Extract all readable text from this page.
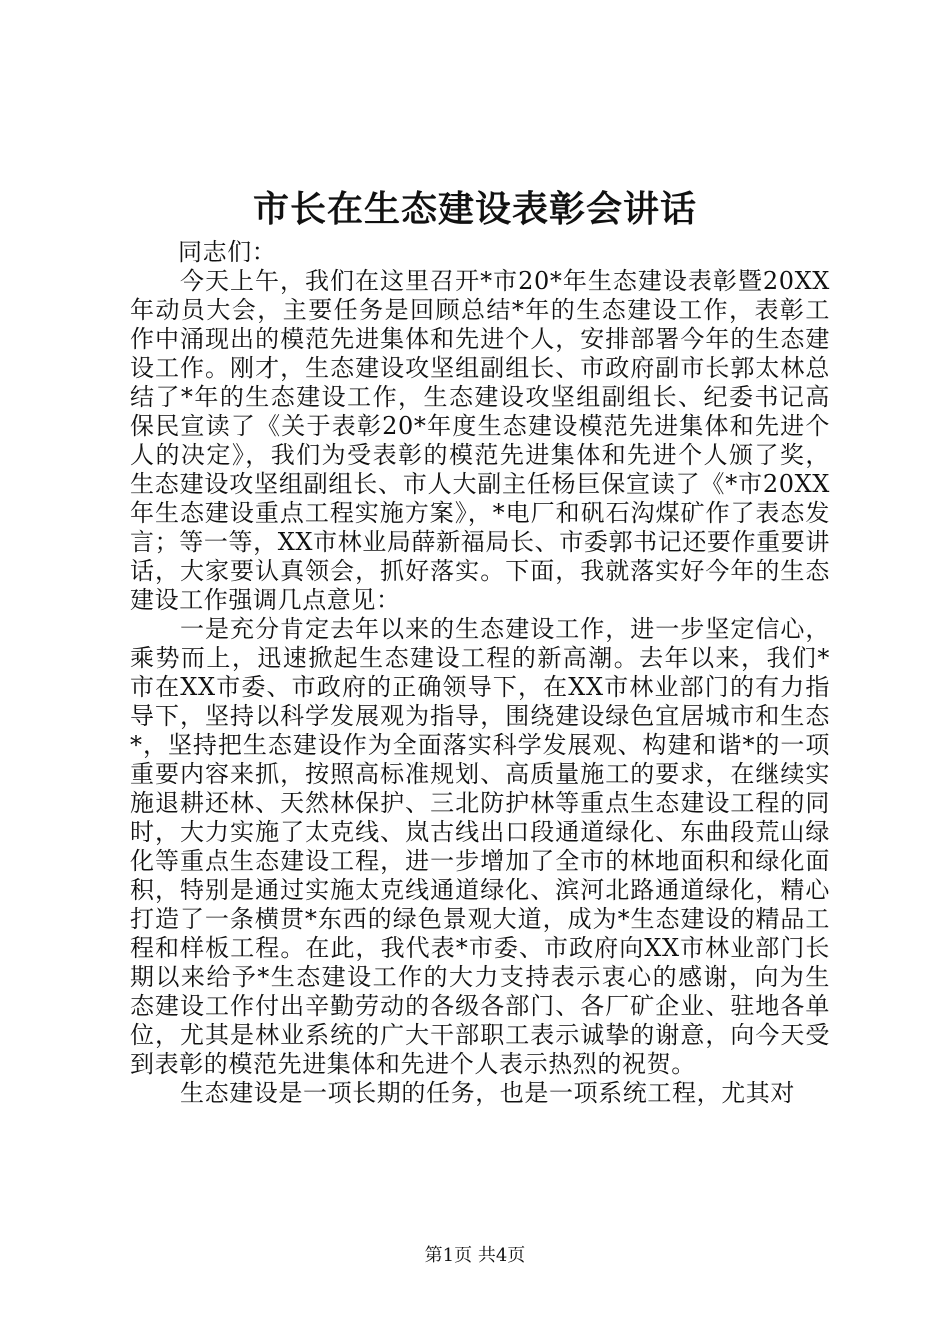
市长在生态建设表彰会讲话

同志们：

今天上午，我们在这里召开*市20*年生态建设表彰暨20XX年动员大会，主要任务是回顾总结*年的生态建设工作，表彰工作中涌现出的模范先进集体和先进个人，安排部署今年的生态建设工作。刚才，生态建设攻坚组副组长、市政府副市长郭太林总结了*年的生态建设工作，生态建设攻坚组副组长、纪委书记高保民宣读了《关于表彰20*年度生态建设模范先进集体和先进个人的决定》，我们为受表彰的模范先进集体和先进个人颁了奖，生态建设攻坚组副组长、市人大副主任杨巨保宣读了《*市20XX年生态建设重点工程实施方案》，*电厂和矾石沟煤矿作了表态发言；等一等，XX市林业局薛新福局长、市委郭书记还要作重要讲话，大家要认真领会，抓好落实。下面，我就落实好今年的生态建设工作强调几点意见：

一是充分肯定去年以来的生态建设工作，进一步坚定信心，乘势而上，迅速掀起生态建设工程的新高潮。去年以来，我们*市在XX市委、市政府的正确领导下，在XX市林业部门的有力指导下，坚持以科学发展观为指导，围绕建设绿色宜居城市和生态*，坚持把生态建设作为全面落实科学发展观、构建和谐*的一项重要内容来抓，按照高标准规划、高质量施工的要求，在继续实施退耕还林、天然林保护、三北防护林等重点生态建设工程的同时，大力实施了太克线、岚古线出口段通道绿化、东曲段荒山绿化等重点生态建设工程，进一步增加了全市的林地面积和绿化面积，特别是通过实施太克线通道绿化、滨河北路通道绿化，精心打造了一条横贯*东西的绿色景观大道，成为*生态建设的精品工程和样板工程。在此，我代表*市委、市政府向XX市林业部门长期以来给予*生态建设工作的大力支持表示衷心的感谢，向为生态建设工作付出辛勤劳动的各级各部门、各厂矿企业、驻地各单位，尤其是林业系统的广大干部职工表示诚挚的谢意，向今天受到表彰的模范先进集体和先进个人表示热烈的祝贺。

生态建设是一项长期的任务，也是一项系统工程，尤其对

第1页 共4页
